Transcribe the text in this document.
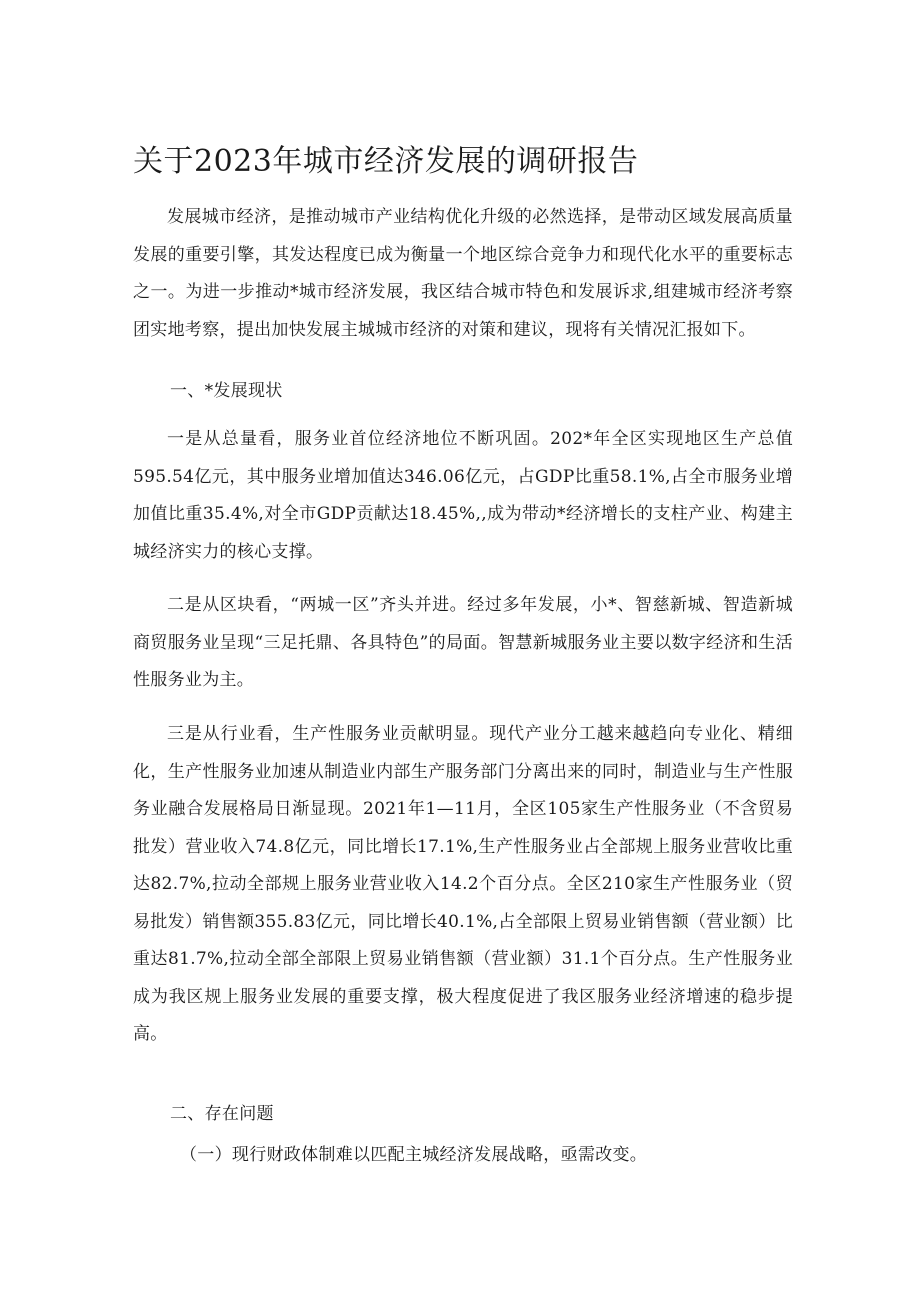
关于2023年城市经济发展的调研报告

发展城市经济，是推动城市产业结构优化升级的必然选择，是带动区域发展高质量发展的重要引擎，其发达程度已成为衡量一个地区综合竞争力和现代化水平的重要标志之一。为进一步推动*城市经济发展，我区结合城市特色和发展诉求,组建城市经济考察团实地考察，提出加快发展主城城市经济的对策和建议，现将有关情况汇报如下。

一、*发展现状

一是从总量看，服务业首位经济地位不断巩固。202*年全区实现地区生产总值595.54亿元，其中服务业增加值达346.06亿元，占GDP比重58.1%,占全市服务业增加值比重35.4%,对全市GDP贡献达18.45%,,成为带动*经济增长的支柱产业、构建主城经济实力的核心支撑。

二是从区块看，“两城一区”齐头并进。经过多年发展，小*、智慈新城、智造新城商贸服务业呈现“三足托鼎、各具特色”的局面。智慧新城服务业主要以数字经济和生活性服务业为主。

三是从行业看，生产性服务业贡献明显。现代产业分工越来越趋向专业化、精细化，生产性服务业加速从制造业内部生产服务部门分离出来的同时，制造业与生产性服务业融合发展格局日渐显现。2021年1—11月，全区105家生产性服务业（不含贸易批发）营业收入74.8亿元，同比增长17.1%,生产性服务业占全部规上服务业营收比重达82.7%,拉动全部规上服务业营业收入14.2个百分点。全区210家生产性服务业（贸易批发）销售额355.83亿元，同比增长40.1%,占全部限上贸易业销售额（营业额）比重达81.7%,拉动全部全部限上贸易业销售额（营业额）31.1个百分点。生产性服务业成为我区规上服务业发展的重要支撑，极大程度促进了我区服务业经济增速的稳步提高。

二、存在问题

（一）现行财政体制难以匹配主城经济发展战略，亟需改变。
